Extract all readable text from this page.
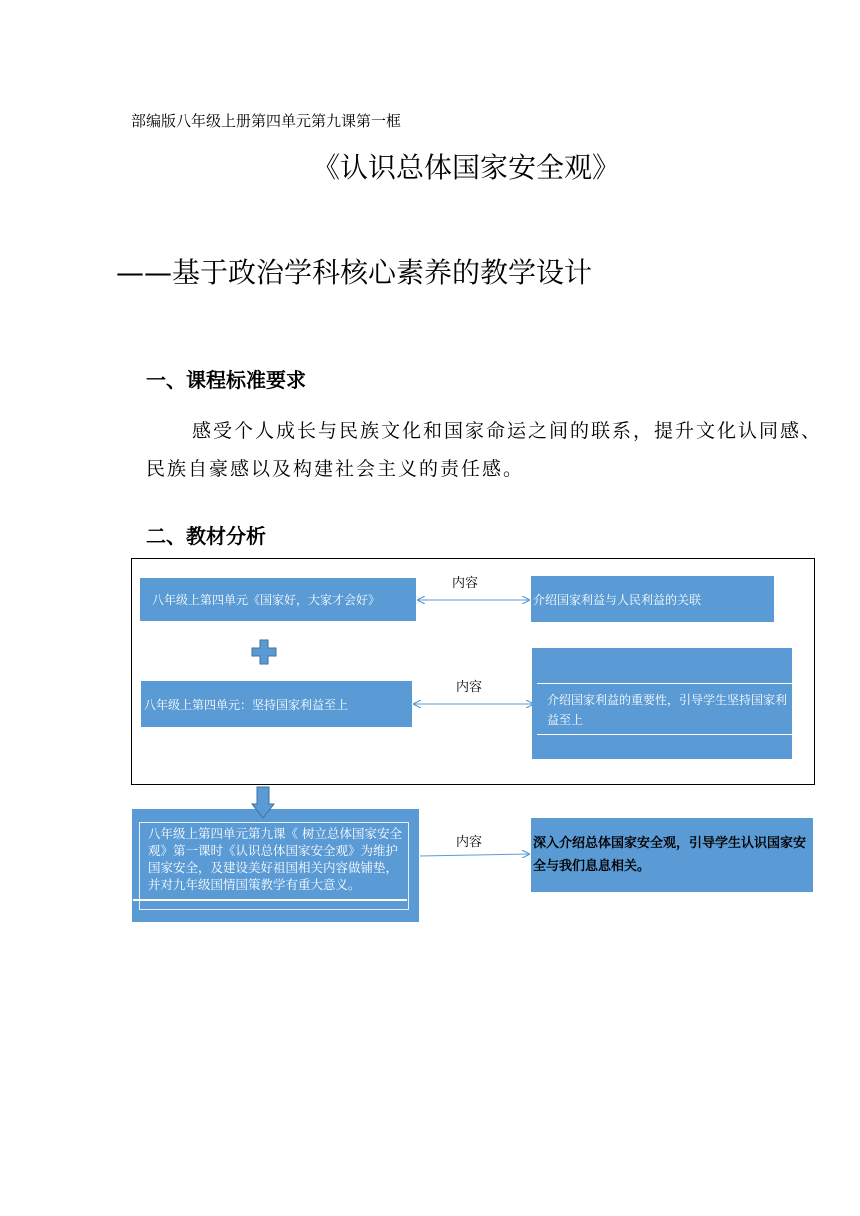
部编版八年级上册第四单元第九课第一框
《认识总体国家安全观》
——基于政治学科核心素养的教学设计
一、课程标准要求
感受个人成长与民族文化和国家命运之间的联系，提升文化认同感、民族自豪感以及构建社会主义的责任感。
二、教材分析
八年级上第四单元《国家好，大家才会好》	介绍国家利益与人民利益的关联
八年级上第四单元：坚持国家利益至上	介绍国家利益的重要性，引导学生坚持国家利益至上
八年级上第四单元第九课《 树立总体国家安全观》第一课时《认识总体国家安全观》为维护国家安全，及建设美好祖国相关内容做铺垫，并对九年级国情国策教学有重大意义。
深入介绍总体国家安全观，引导学生认识国家安全与我们息息相关。
内容
内容
内容
